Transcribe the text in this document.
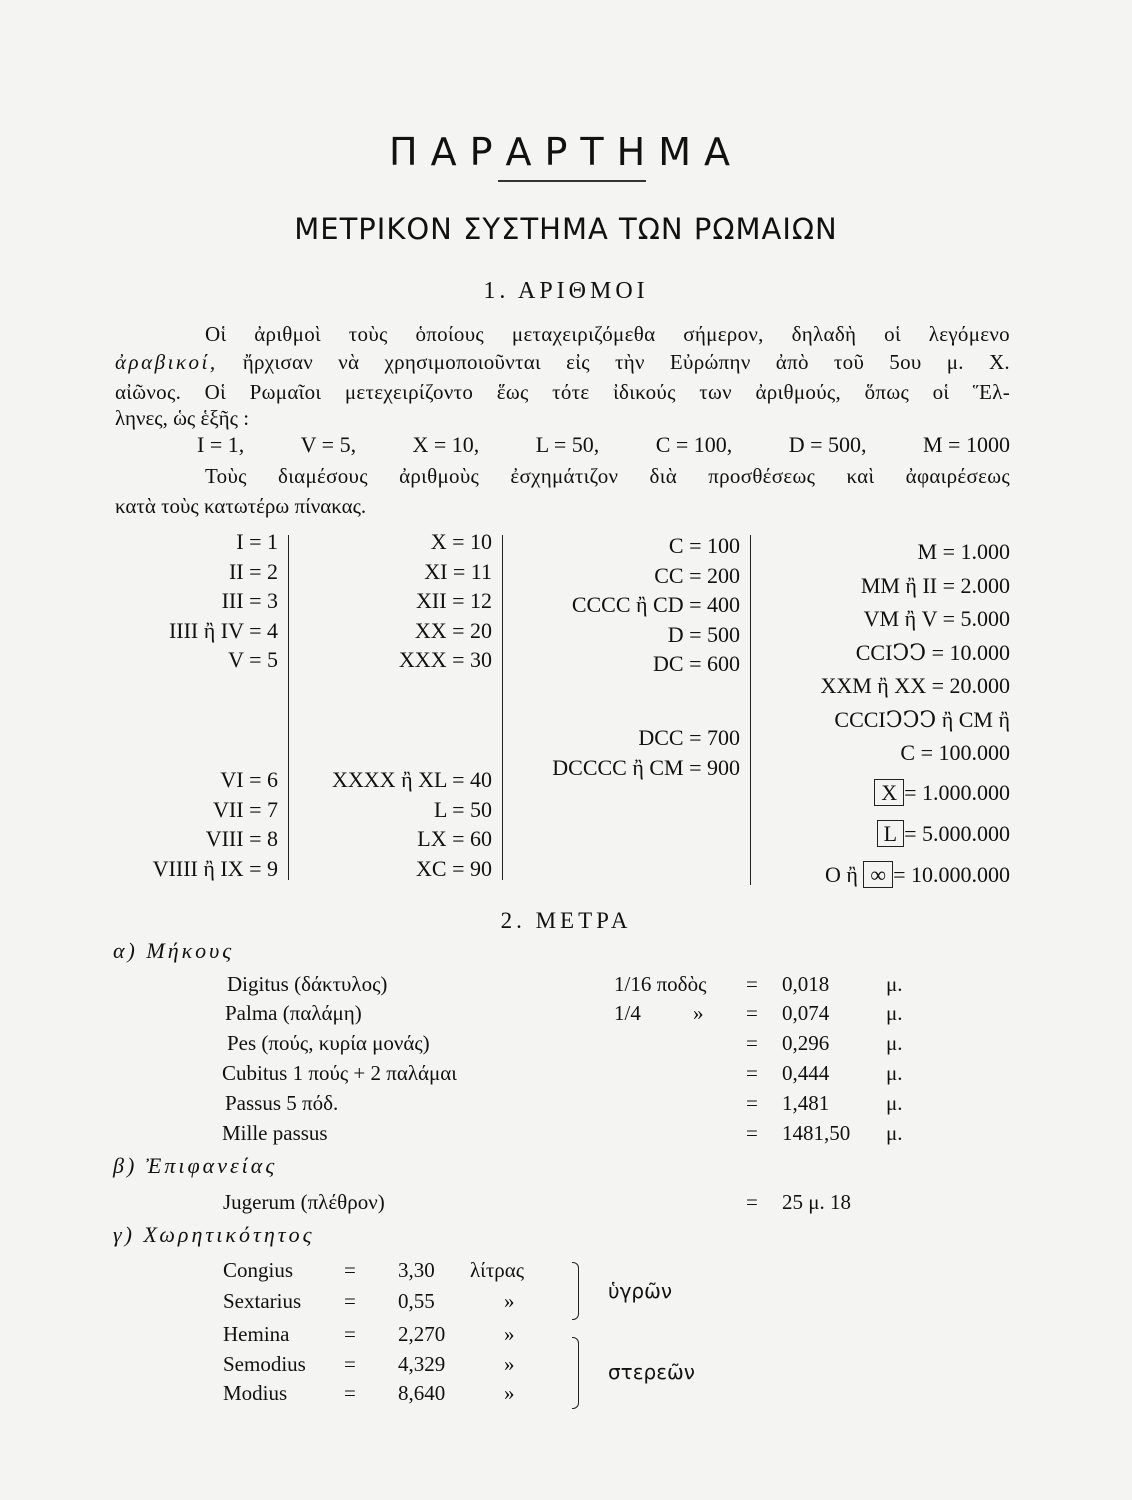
ΠΑΡΑΡΤΗΜΑ
ΜΕΤΡΙΚΟΝ ΣΥΣΤΗΜΑ ΤΩΝ ΡΩΜΑΙΩΝ
1. ΑΡΙΘΜΟΙ
Οἱ ἀριθμοὶ τοὺς ὁποίους μεταχειριζόμεθα σήμερον, δηλαδὴ οἱ λεγόμενο
ἀραβικοί, ἤρχισαν νὰ χρησιμοποιοῦνται εἰς τὴν Εὐρώπην ἀπὸ τοῦ 5ου μ. Χ.
αἰῶνος. Οἱ Ρωμαῖοι μετεχειρίζοντο ἕως τότε ἰδικούς των ἀριθμούς, ὅπως οἱ Ἕλ-
ληνες, ὡς ἑξῆς :
I = 1,	V = 5,	X = 10,	L = 50,	C = 100,	D = 500,	M = 1000
Τοὺς διαμέσους ἀριθμοὺς ἐσχημάτιζον διὰ προσθέσεως καὶ ἀφαιρέσεως
κατὰ τοὺς κατωτέρω πίνακας.
I = 1
II = 2
III = 3
IIII ἢ IV = 4
V = 5
VI = 6
VII = 7
VIII = 8
VIIII ἢ IX = 9
X = 10
XI = 11
XII = 12
XX = 20
XXX = 30
XXXX ἢ XL = 40
L = 50
LX = 60
XC = 90
C = 100
CC = 200
CCCC ἢ CD = 400
D = 500
DC = 600
DCC = 700
DCCCC ἢ CM = 900
M = 1.000
MM ἢ II = 2.000
VM ἢ V = 5.000
CCIↃↃ = 10.000
XXM ἢ XX = 20.000
CCCIↃↃↃ ἢ CM ἢ
C = 100.000
X = 1.000.000
L = 5.000.000
O ἢ ∞ = 10.000.000
2. ΜΕΤΡΑ
α) Μήκους
Digitus (δάκτυλος)	1/16 ποδὸς = 0,018	μ.
Palma (παλάμη)	1/4 » = 0,074	μ.
Pes (πούς, κυρία μονάς)	= 0,296	μ.
Cubitus 1 πούς + 2 παλάμαι	= 0,444	μ.
Passus 5 πόδ.	= 1,481	μ.
Mille passus	= 1481,50 μ.
β) Ἐπιφανείας
Jugerum (πλέθρον)	= 25 μ. 18
γ) Χωρητικότητος
Congius = 3,30 λίτρας
Sextarius = 0,55	»	ὑγρῶν
Hemina	= 2,270	»
Semodius = 4,329	»
Modius	= 8,640	»
στερεῶν
